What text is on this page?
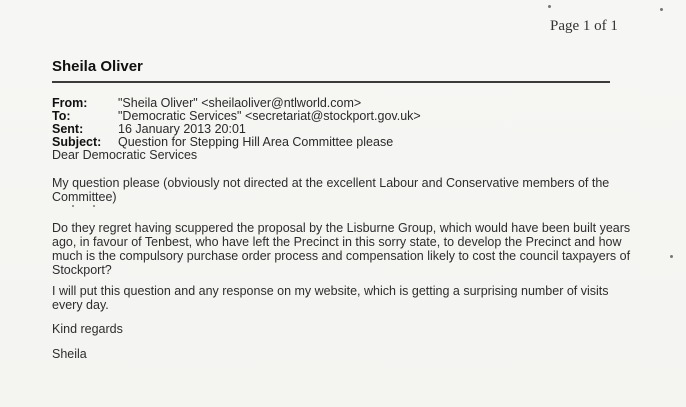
Page 1 of 1
Sheila Oliver
From: "Sheila Oliver" <sheilaoliver@ntlworld.com>
To:	"Democratic Services" <secretariat@stockport.gov.uk>
Sent:	16 January 2013 20:01
Subject: Question for Stepping Hill Area Committee please
Dear Democratic Services
My question please (obviously not directed at the excellent Labour and Conservative members of the
Committee)
Do they regret having scuppered the proposal by the Lisburne Group, which would have been built years
ago, in favour of Tenbest, who have left the Precinct in this sorry state, to develop the Precinct and how
much is the compulsory purchase order process and compensation likely to cost the council taxpayers of
Stockport?
I will put this question and any response on my website, which is getting a surprising number of visits
every day.
Kind regards
Sheila
